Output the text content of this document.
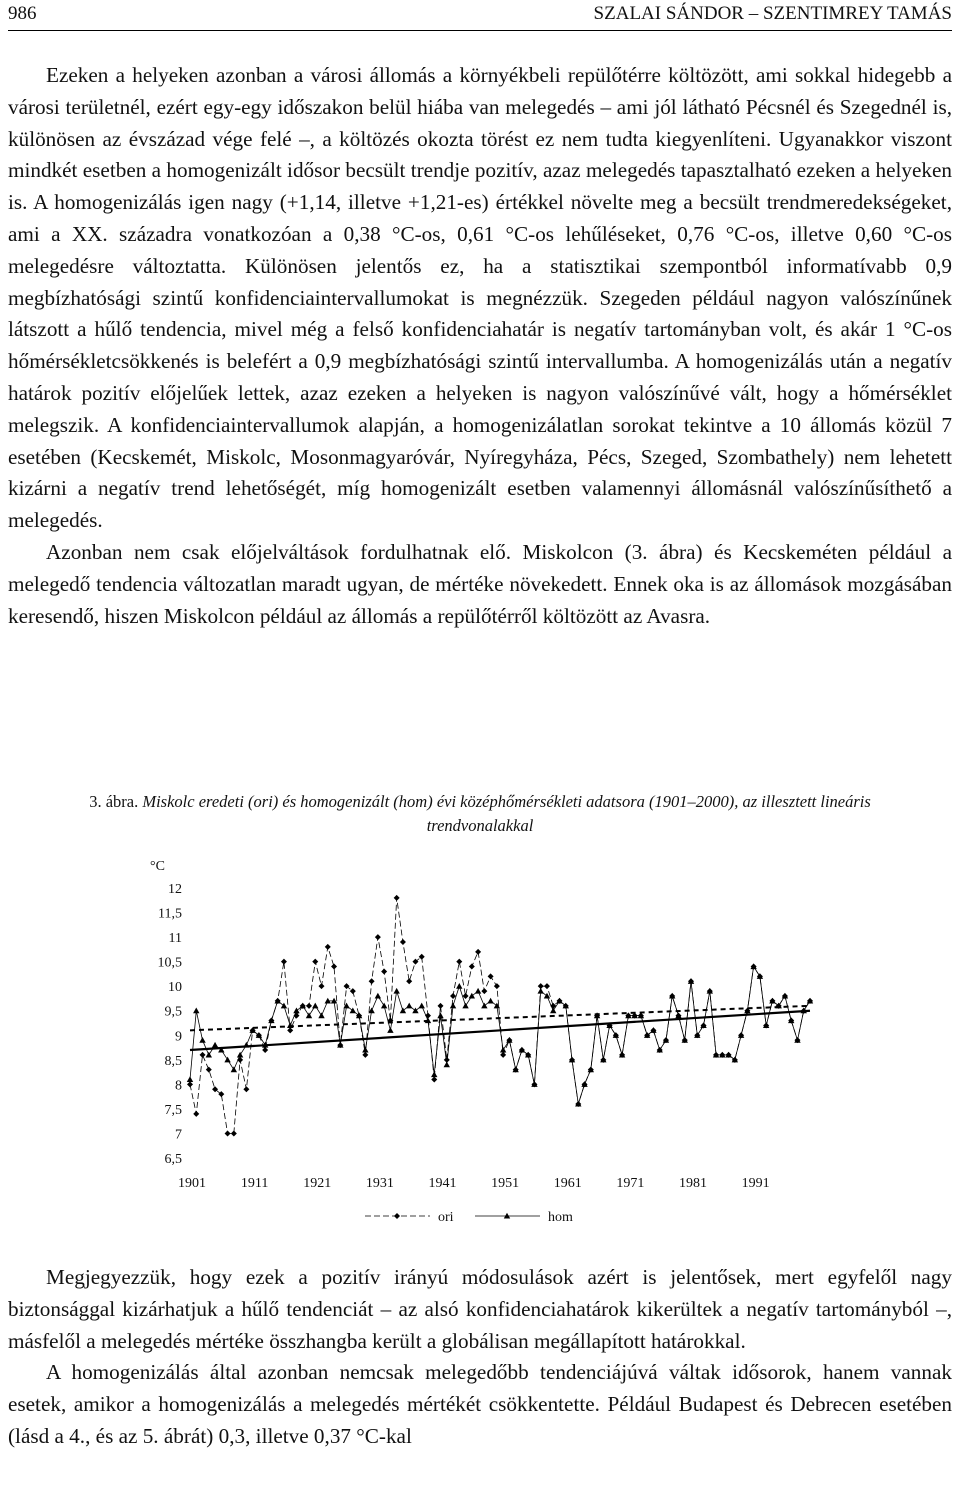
986	SZALAI SÁNDOR – SZENTIMREY TAMÁS

Ezeken a helyeken azonban a városi állomás a környékbeli repülőtérre költözött, ami sokkal hidegebb a városi területnél, ezért egy-egy időszakon belül hiába van melegedés – ami jól látható Pécsnél és Szegednél is, különösen az évszázad vége felé –, a költözés okozta törést ez nem tudta kiegyenlíteni. Ugyanakkor viszont mindkét esetben a homogenizált idősor becsült trendje pozitív, azaz melegedés tapasztalható ezeken a helyeken is. A homogenizálás igen nagy (+1,14, illetve +1,21-es) értékkel növelte meg a becsült trendmeredekségeket, ami a XX. századra vonatkozóan a 0,38 °C-os, 0,61 °C-os lehűléseket, 0,76 °C-os, illetve 0,60 °C-os melegedésre változtatta. Különösen jelentős ez, ha a statisztikai szempontból informatívabb 0,9 megbízhatósági szintű konfidenciaintervallumokat is megnézzük. Szegeden például nagyon valószínűnek látszott a hűlő tendencia, mivel még a felső konfidenciahatár is negatív tartományban volt, és akár 1 °C-os hőmérsékletcsökkenés is belefért a 0,9 megbízhatósági szintű intervallumba. A homogenizálás után a negatív határok pozitív előjelűek lettek, azaz ezeken a helyeken is nagyon valószínűvé vált, hogy a hőmérséklet melegszik. A konfidenciaintervallumok alapján, a homogenizálatlan sorokat tekintve a 10 állomás közül 7 esetében (Kecskemét, Miskolc, Mosonmagyaróvár, Nyíregyháza, Pécs, Szeged, Szombathely) nem lehetett kizárni a negatív trend lehetőségét, míg homogenizált esetben valamennyi állomásnál valószínűsíthető a melegedés.

Azonban nem csak előjelváltások fordulhatnak elő. Miskolcon (3. ábra) és Kecskeméten például a melegedő tendencia változatlan maradt ugyan, de mértéke növekedett. Ennek oka is az állomások mozgásában keresendő, hiszen Miskolcon például az állomás a repülőtérről költözött az Avasra.

3. ábra. Miskolc eredeti (ori) és homogenizált (hom) évi középhőmérsékleti adatsora (1901–2000), az illesztett lineáris trendvonalakkal
°C
12
11,5
11
10,5
10
9,5
9
8,5
8
7,5
7
6,5
1901 1911 1921 1931 1941 1951 1961 1971 1981 1991
ori	hom

Megjegyezzük, hogy ezek a pozitív irányú módosulások azért is jelentősek, mert egyfelől nagy biztonsággal kizárhatjuk a hűlő tendenciát – az alsó konfidenciahatárok kikerültek a negatív tartományból –, másfelől a melegedés mértéke összhangba került a globálisan megállapított határokkal.

A homogenizálás által azonban nemcsak melegedőbb tendenciájúvá váltak idősorok, hanem vannak esetek, amikor a homogenizálás a melegedés mértékét csökkentette. Például Budapest és Debrecen esetében (lásd a 4., és az 5. ábrát) 0,3, illetve 0,37 °C-kal
